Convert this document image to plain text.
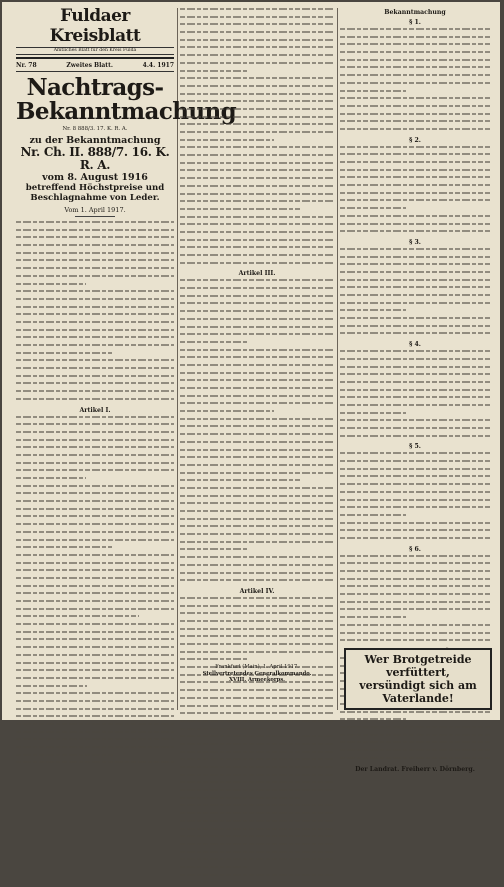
Fuldaer Kreisblatt
Amtliches Blatt für den Kreis Fulda
Nr. 78	Zweites Blatt.	4.4. 1917
Nachtrags-
Bekanntmachung
Nr. 8 888/3. 17. K. R. A.
zu der Bekanntmachung
Nr. Ch. II. 888/7. 16. K. R. A.
vom 8. August 1916
betreffend Höchstpreise und
Beschlagnahme von Leder.
Vom 1. April 1917.
Artikel I.
Artikel III.
Artikel IV.
Bekanntmachung
§ 1.
§ 2.
§ 3.
§ 4.
§ 5.
§ 6.
Der Landrat. Freiherr v. Dörnberg.
Wer Brotgetreide verfüttert,
versündigt sich am Vaterlande!
Frankfurt (Main), 1. April 1917.
Stellvertretendes Generalkommando.
XVIII. Armeekorps.
